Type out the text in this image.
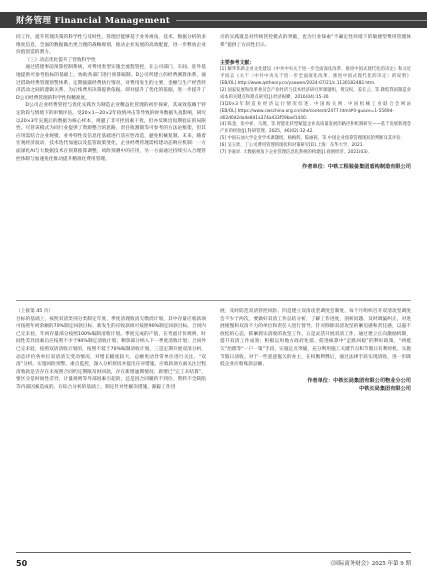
财务管理 Financial Management

同工作，提升管理决策的科学性与及时性。管理层能够基于业务视角、技术、数据分析的多维度信息，全面的数据做出更合理的战略规划，推动企业发展的高效配置，进一步释放企业价值创造的潜力。

（三）动态优化提升了营收科学性

通过搭建事前预算控制系统，对费用类型实施全流程管控，在公司部门、车间、驻外基地提供可参考指标的基础上，协助各部门进行预算编制。D公司所建立的经费测算体系，通过借助经费管理预警体系，定期披露经费执行情况，对费用发生的主要、金额与生产经营经济活动之间的逻辑关系，为后续费用决策提供依据。即对提升了优化的依据，进一步提升了D公司经费管理的科学性和精准度。

D公司企业经费管控与优化实践作为制造企业精益化管理的初步探索，其成效依赖于特定阶段与情境下的审慎评估。受20×1—20×2年疫情冲击等导致的财务数据失真影响，研究以20×3年实施后的数据为核心样本，规避了非可控因素干扰，但亦反映出短期验证的局限性。尽管该模式为同行业提供了资源整合的思路，责任收割制等可参考的方法论框架，但其应用需结合企业规模、业务特性及信息化基础进行适应性改造，避免机械复制。未来，随着宏观经济波动、技术迭代加速以及监管政策变化，企业经费管理需构建动态响应机制：一方面深化AI与大数据技术在预算推算调整、风险预测中的应用，另一方面通过持续引入合理管控体制与加速优化推动提升精准化费用管理。

司的实践既是对传统管控模式的突破，也为行业探索“不确定性环境下的敏捷型费用管理体系”提供了方向性启示。

主要参考文献：
[1] 解华伟新企业文化建设《中共中央关于进一步全面深化改革、推进中国式现代化的决定》和习近平同志《关于〈中共中央关于进一步全面深化改革、推进中国式现代化的决定〉的说明》[EB/OL].http://www.qstheory.cn/yaowen/2024-07/21/c.1130182482.htm.
[2] 国家发展和改革委员会产业经济与技术经济研究所课题组，黄汉权，姜长云，等.降低我国制造业成本的关键点和难点研究[J].经济纵横，2016(04):15-30.
[3]20×3年制造业经济运行情况综述. 中国海关网. 中国机械工业联合会网站[EB/OL].https://www.cwschina.org.cn/site/content/2477.html#0-guoce=1-55694-d02d0d2da4e8d1a374a433f59bad1440.
[4] 陈金，张中祥，马理，等.智能化转型赋能企业高质量发展的路径和机制研究——基于发展新理念产业的经验[J].科研管理，2025，46(02):32-42.
[5] 中国石油大学企业学术课题组，杨梅辉，陈丽莉，等.中国企业预算管理现状的判断及其评价.
[6] 吴玉欣，丁公司费用管理的现状和对策研究[D].上海：东华大学，2021.
[7] 李嘉昇. 大数据视角下企业管理信息化系统的构建[J].商展经济，2021(03).
作者单位：中铁工程装备集团盾构制造有限公司

（上接第 45 页）

目标的基础上，按照双清类别分类制定年度、季度清理收清欠缴消计划，其中存量应收款项可按照年初余额的70%制定回款目标，新发生的应收款项可按照90%制定回款目标。合同内已完未验、年初存量部分按照100%编制清收计划。季度完成的产值，在考虑计价规则、时间性差异因素后应按照不少于90%制定清收计划；剩余部分纳入下一季度清收计划；合同外已完未验，按照双清清收计划的，按照不低于70%编制清收计划。三是定期开展双清分析，动态评价各单位双清清欠变动情况，对增长幅度较大、总额更动异常单位进行关注、“双清”分析。实施风险预警。重点监控，深入分析原因并提出应对措施。应收款项方面关注过程清收款是否存在未按照合同约定期限及时回款，存在新增逾期情况；新增已“完工未结算”，要区分是时间性差异、计量规则等外部因素引起的，还是因合同履约不到位、资料不全缺陷等内部因素造成的。在综合分析的基础上，制定针对性解决措施，跟踪工作进

展，及时防范双清管控风险。四是建立双清攻坚调度会制度，每个月组织召开双清攻坚调度会不少于两次，要做好双清工作总结分析，了解工作进度，剖析问题、及时调偏纠正，对进展缓慢和双清不力的单位和责任人进行督导，针对除除双清攻坚的紧迫感和责任感，以遏不放松的心态，抓紧抓实清收的攻坚工作。五是灵活开展双清工作，通过建立正向激励机制，提升双清工作成效；积极运用地方政府化债、促进核算中“走跌回稳”的利好政策，“两抵欠”治理等“一户一策”手段，实施定点突破，充分利用施工关键节点和节假日有利时机，实施节假日清收。对于一些恶意拖欠的业主，在权衡利弊后，通过法律手段实现清收，进一步降低企业应收账款总额。

作者单位：中铁长局集团有限公司物业分公司
中铁长局集团有限公司
50	《国际商务财会》2025 年第 9 期
